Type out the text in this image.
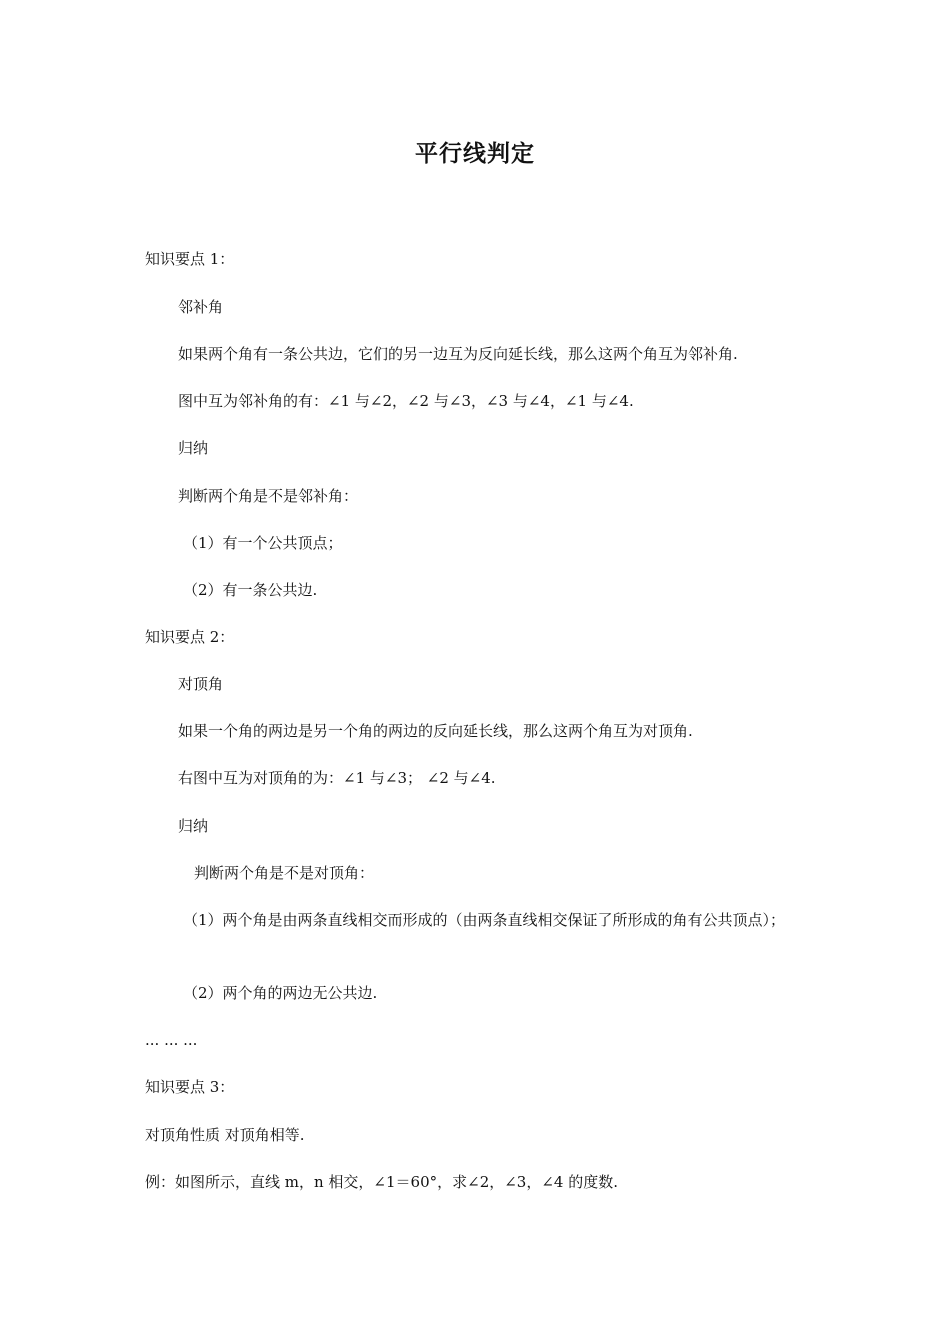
平行线判定
知识要点 1：
邻补角
如果两个角有一条公共边，它们的另一边互为反向延长线，那么这两个角互为邻补角.
图中互为邻补角的有：∠1 与∠2，∠2 与∠3，∠3 与∠4，∠1 与∠4.
归纳
判断两个角是不是邻补角：
（1）有一个公共顶点；
（2）有一条公共边.
知识要点 2：
对顶角
如果一个角的两边是另一个角的两边的反向延长线，那么这两个角互为对顶角.
右图中互为对顶角的为：∠1 与∠3； ∠2 与∠4.
归纳
判断两个角是不是对顶角：
（1）两个角是由两条直线相交而形成的（由两条直线相交保证了所形成的角有公共顶点）；
（2）两个角的两边无公共边.
... ... ...
知识要点 3：
对顶角性质 对顶角相等.
例：如图所示，直线 m，n 相交，∠1＝60°，求∠2，∠3，∠4 的度数.
